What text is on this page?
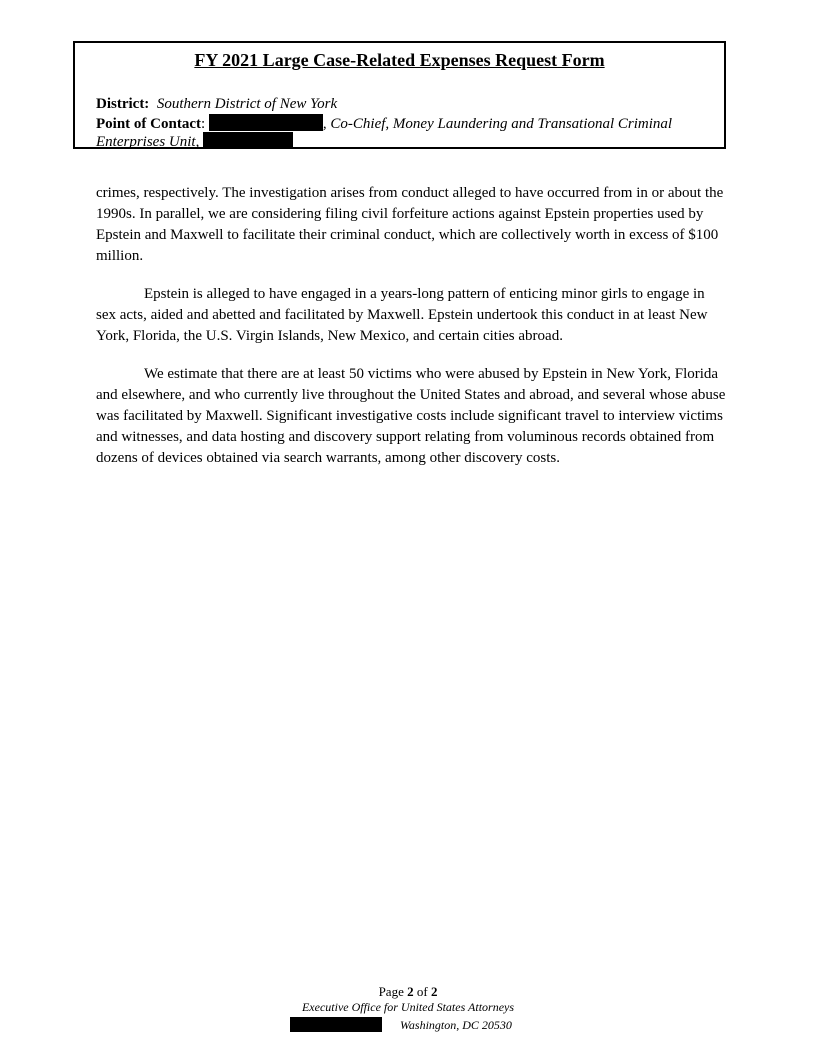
FY 2021 Large Case-Related Expenses Request Form
District: Southern District of New York
Point of Contact:	, Co-Chief, Money Laundering and Transational Criminal
Enterprises Unit,

crimes, respectively. The investigation arises from conduct alleged to have occurred from in or about the 1990s. In parallel, we are considering filing civil forfeiture actions against Epstein properties used by Epstein and Maxwell to facilitate their criminal conduct, which are collectively worth in excess of $100 million.

Epstein is alleged to have engaged in a years-long pattern of enticing minor girls to engage in sex acts, aided and abetted and facilitated by Maxwell. Epstein undertook this conduct in at least New York, Florida, the U.S. Virgin Islands, New Mexico, and certain cities abroad.

We estimate that there are at least 50 victims who were abused by Epstein in New York, Florida and elsewhere, and who currently live throughout the United States and abroad, and several whose abuse was facilitated by Maxwell. Significant investigative costs include significant travel to interview victims and witnesses, and data hosting and discovery support relating from voluminous records obtained from dozens of devices obtained via search warrants, among other discovery costs.

Page 2 of 2
Executive Office for United States Attorneys
Washington, DC 20530
